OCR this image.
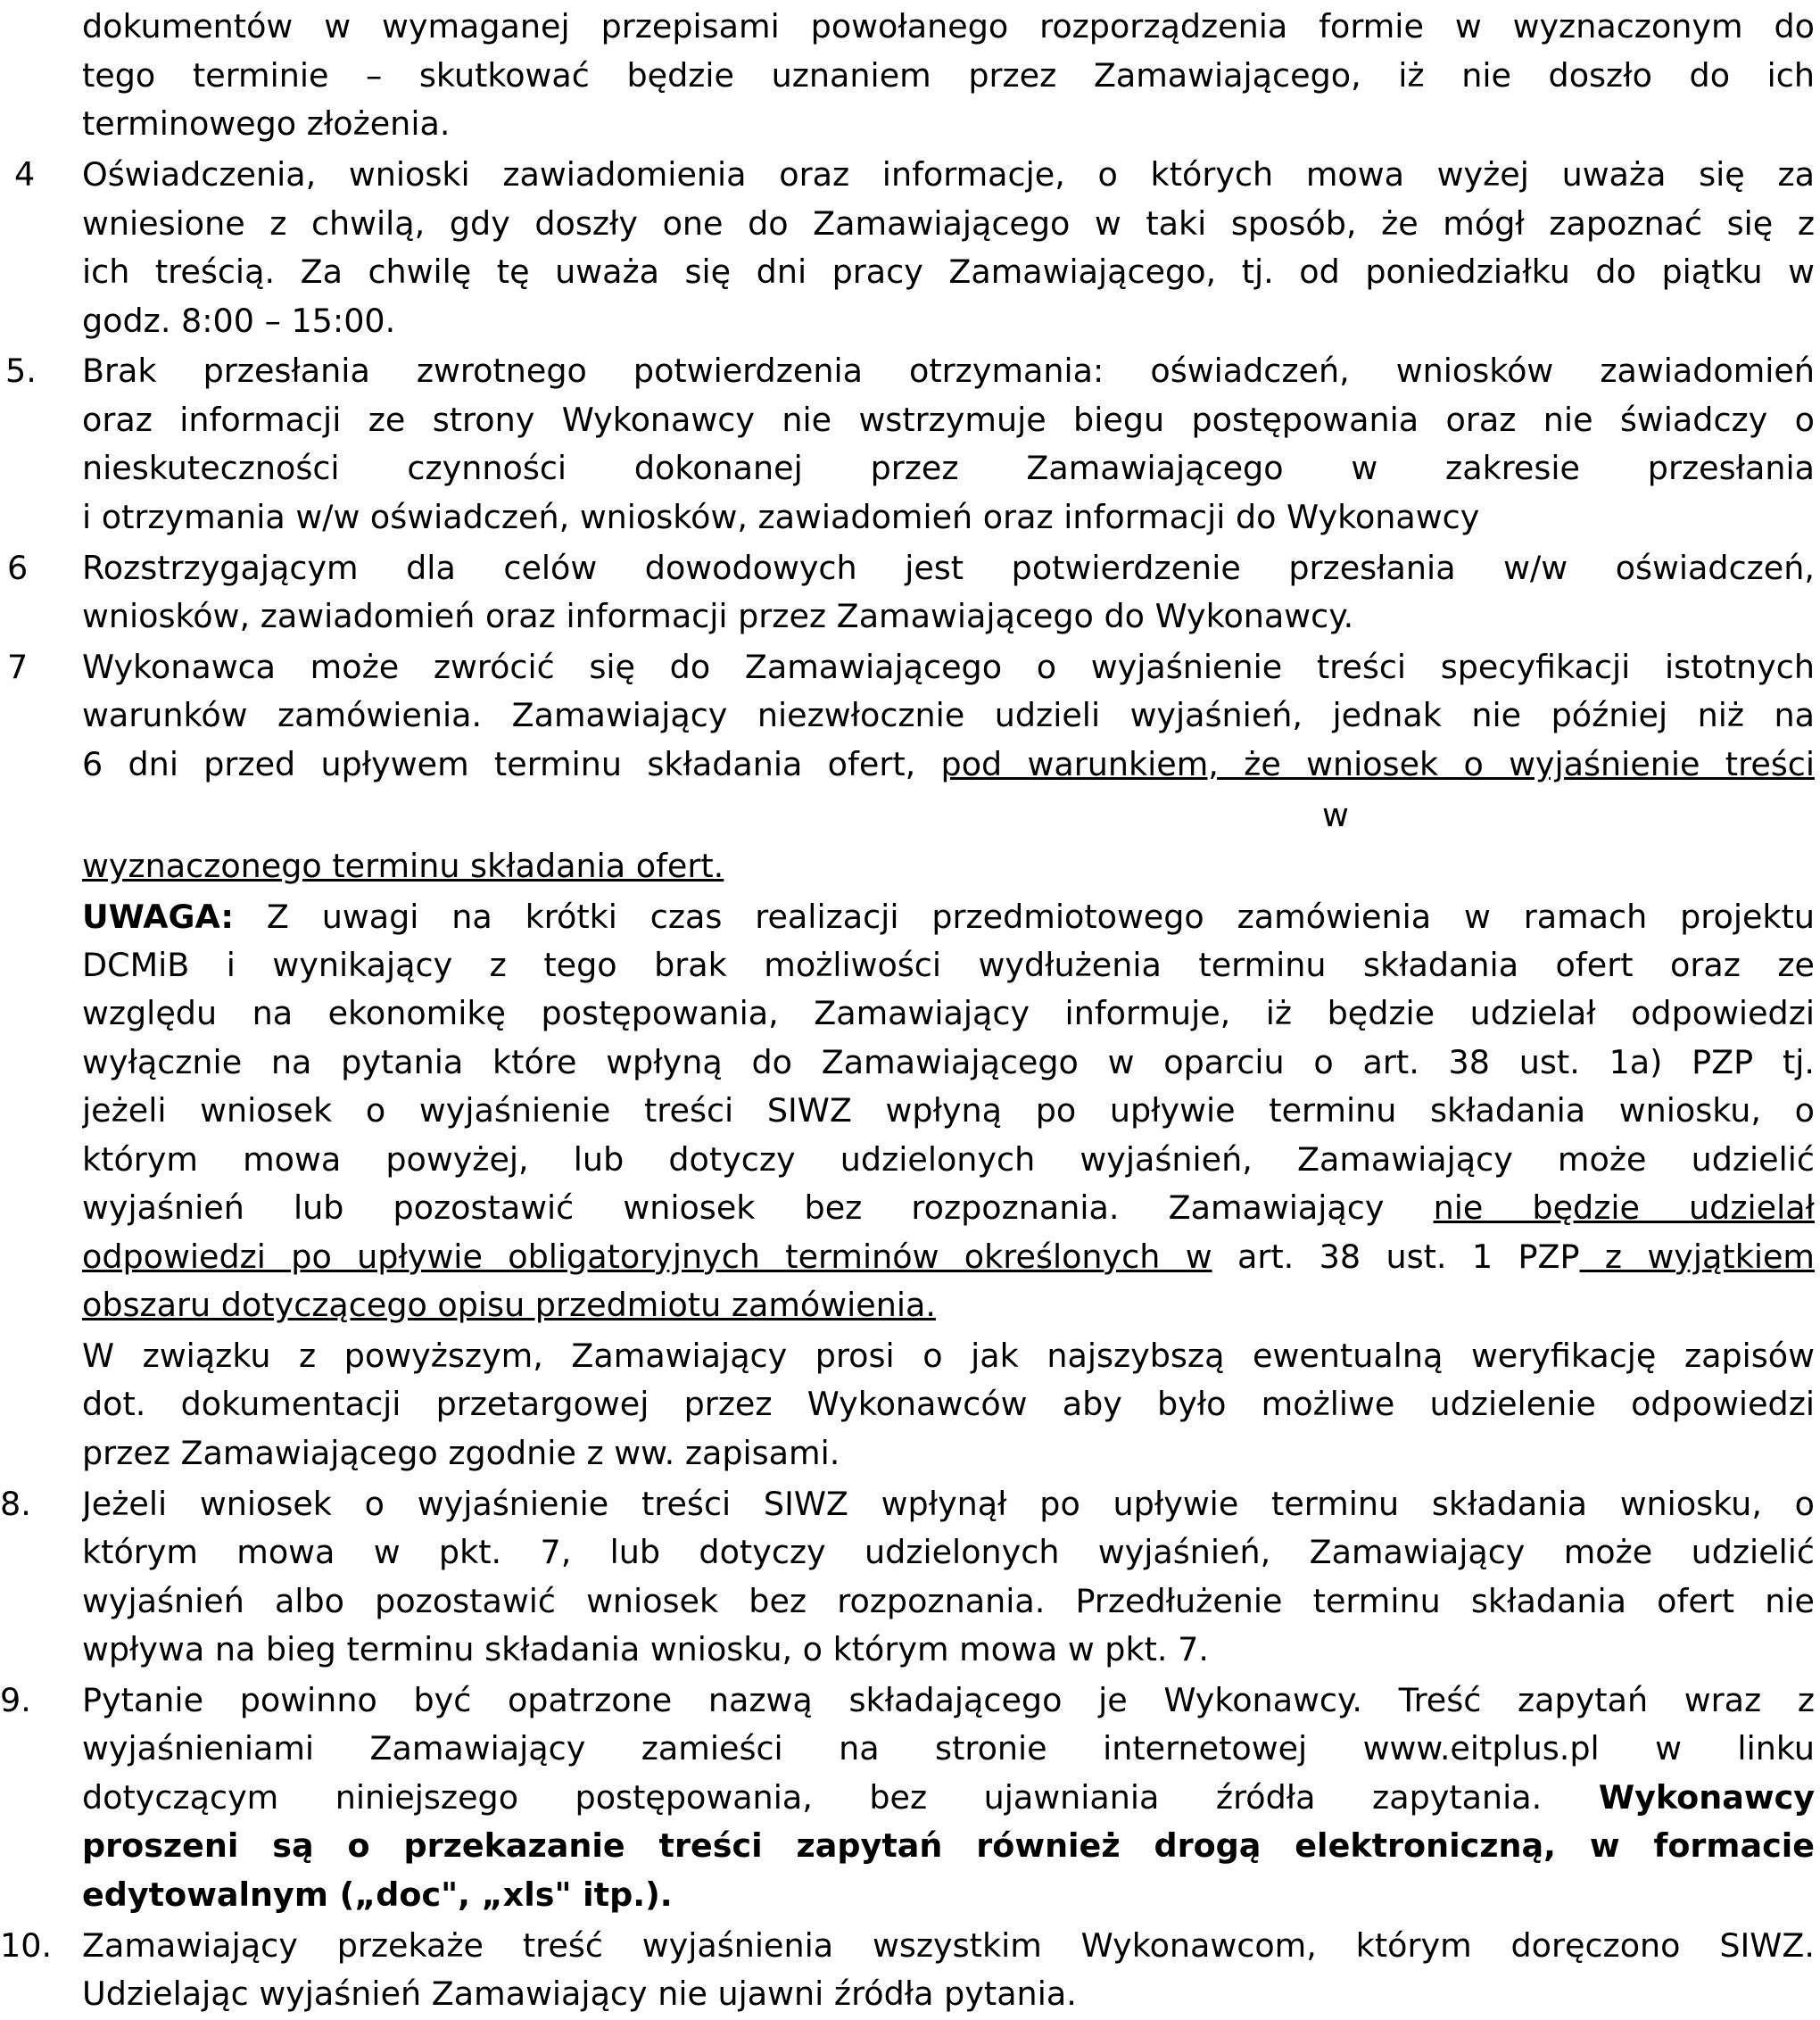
dokumentów w wymaganej przepisami powołanego rozporządzenia formie w wyznaczonym do
tego terminie – skutkować będzie uznaniem przez Zamawiającego, iż nie doszło do ich
terminowego złożenia.
4	Oświadczenia, wnioski zawiadomienia oraz informacje, o których mowa wyżej uważa się za
wniesione z chwilą, gdy doszły one do Zamawiającego w taki sposób, że mógł zapoznać się z
ich treścią. Za chwilę tę uważa się dni pracy Zamawiającego, tj. od poniedziałku do piątku w
godz. 8:00 – 15:00.
5.	Brak przesłania zwrotnego potwierdzenia otrzymania: oświadczeń, wniosków zawiadomień
oraz informacji ze strony Wykonawcy nie wstrzymuje biegu postępowania oraz nie świadczy o
nieskuteczności czynności dokonanej przez Zamawiającego w zakresie przesłania
i otrzymania w/w oświadczeń, wniosków, zawiadomień oraz informacji do Wykonawcy
6	Rozstrzygającym dla celów dowodowych jest potwierdzenie przesłania w/w oświadczeń,
wniosków, zawiadomień oraz informacji przez Zamawiającego do Wykonawcy.
7	Wykonawca może zwrócić się do Zamawiającego o wyjaśnienie treści specyfikacji istotnych
warunków zamówienia. Zamawiający niezwłocznie udzieli wyjaśnień, jednak nie później niż na
6 dni przed upływem terminu składania ofert, pod warunkiem, że wniosek o wyjaśnienie treści
w
wyznaczonego terminu składania ofert.
UWAGA: Z uwagi na krótki czas realizacji przedmiotowego zamówienia w ramach projektu
DCMiB i wynikający z tego brak możliwości wydłużenia terminu składania ofert oraz ze
względu na ekonomikę postępowania, Zamawiający informuje, iż będzie udzielał odpowiedzi
wyłącznie na pytania które wpłyną do Zamawiającego w oparciu o art. 38 ust. 1a) PZP tj.
jeżeli wniosek o wyjaśnienie treści SIWZ wpłyną po upływie terminu składania wniosku, o
którym mowa powyżej, lub dotyczy udzielonych wyjaśnień, Zamawiający może udzielić
wyjaśnień lub pozostawić wniosek bez rozpoznania. Zamawiający nie będzie udzielał
odpowiedzi po upływie obligatoryjnych terminów określonych w art. 38 ust. 1 PZP z wyjątkiem
obszaru dotyczącego opisu przedmiotu zamówienia.
W związku z powyższym, Zamawiający prosi o jak najszybszą ewentualną weryfikację zapisów
dot. dokumentacji przetargowej przez Wykonawców aby było możliwe udzielenie odpowiedzi
przez Zamawiającego zgodnie z ww. zapisami.
8.	Jeżeli wniosek o wyjaśnienie treści SIWZ wpłynął po upływie terminu składania wniosku, o
którym mowa w pkt. 7, lub dotyczy udzielonych wyjaśnień, Zamawiający może udzielić
wyjaśnień albo pozostawić wniosek bez rozpoznania. Przedłużenie terminu składania ofert nie
wpływa na bieg terminu składania wniosku, o którym mowa w pkt. 7.
9.	Pytanie powinno być opatrzone nazwą składającego je Wykonawcy. Treść zapytań wraz z
wyjaśnieniami Zamawiający zamieści na stronie internetowej www.eitplus.pl w linku
dotyczącym niniejszego postępowania, bez ujawniania źródła zapytania. Wykonawcy
proszeni są o przekazanie treści zapytań również drogą elektroniczną, w formacie
edytowalnym („doc", „xls" itp.).
10. Zamawiający przekaże treść wyjaśnienia wszystkim Wykonawcom, którym doręczono SIWZ.
Udzielając wyjaśnień Zamawiający nie ujawni źródła pytania.
